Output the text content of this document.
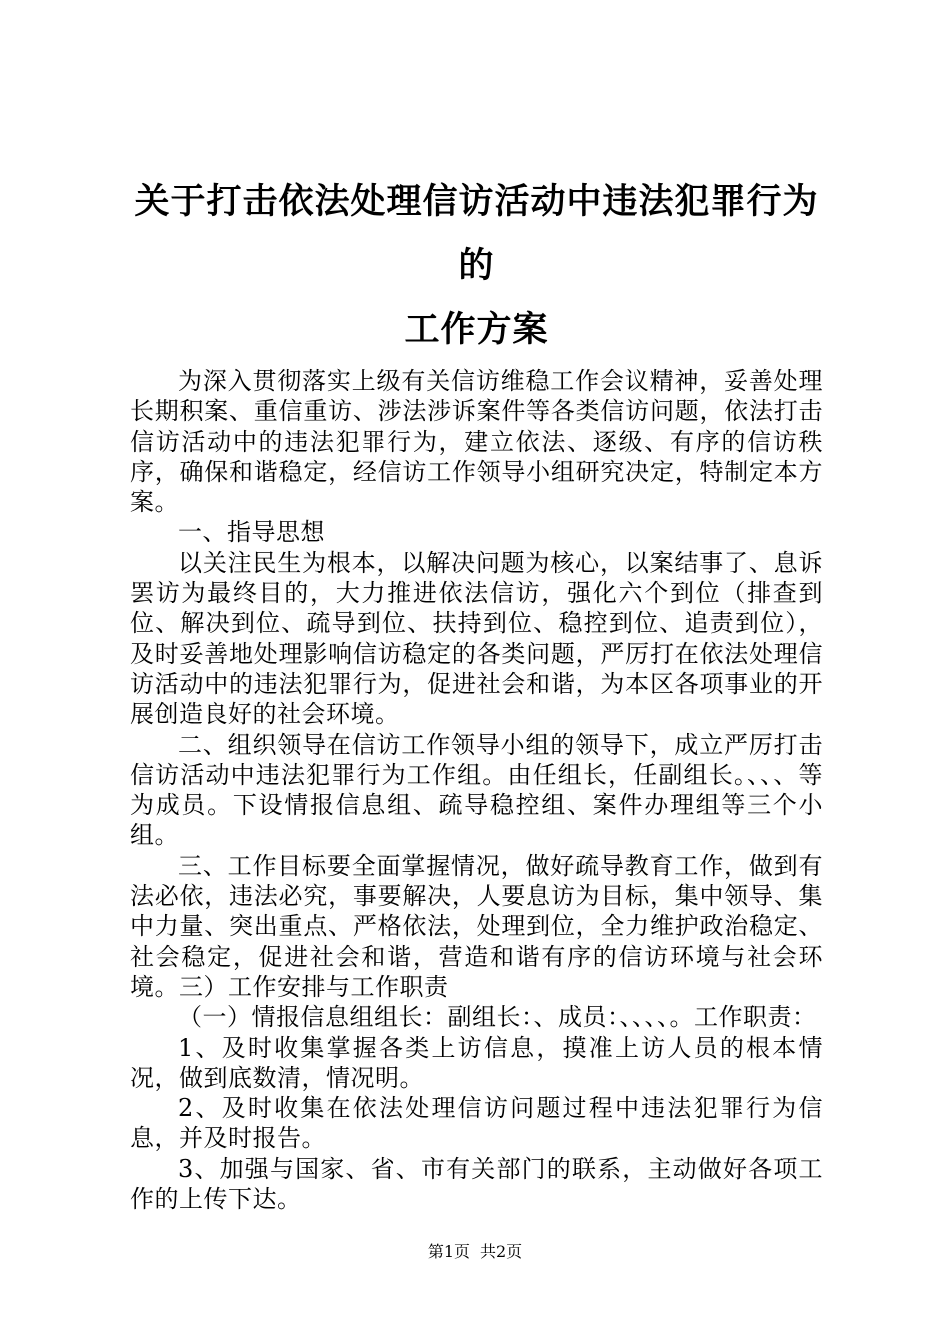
关于打击依法处理信访活动中违法犯罪行为的
工作方案

为深入贯彻落实上级有关信访维稳工作会议精神，妥善处理长期积案、重信重访、涉法涉诉案件等各类信访问题，依法打击信访活动中的违法犯罪行为，建立依法、逐级、有序的信访秩序，确保和谐稳定，经信访工作领导小组研究决定，特制定本方案。

一、指导思想

以关注民生为根本，以解决问题为核心，以案结事了、息诉罢访为最终目的，大力推进依法信访，强化六个到位（排查到位、解决到位、疏导到位、扶持到位、稳控到位、追责到位），及时妥善地处理影响信访稳定的各类问题，严厉打在依法处理信访活动中的违法犯罪行为，促进社会和谐，为本区各项事业的开展创造良好的社会环境。

二、组织领导在信访工作领导小组的领导下，成立严厉打击信访活动中违法犯罪行为工作组。由任组长，任副组长。、、、等为成员。下设情报信息组、疏导稳控组、案件办理组等三个小组。

三、工作目标要全面掌握情况，做好疏导教育工作，做到有法必依，违法必究，事要解决，人要息访为目标，集中领导、集中力量、突出重点、严格依法，处理到位，全力维护政治稳定、社会稳定，促进社会和谐，营造和谐有序的信访环境与社会环境。三）工作安排与工作职责

（一）情报信息组组长：副组长：、成员：、、、、。工作职责：

1、及时收集掌握各类上访信息，摸准上访人员的根本情况，做到底数清，情况明。

2、及时收集在依法处理信访问题过程中违法犯罪行为信息，并及时报告。

3、加强与国家、省、市有关部门的联系，主动做好各项工作的上传下达。

第1页 共2页
